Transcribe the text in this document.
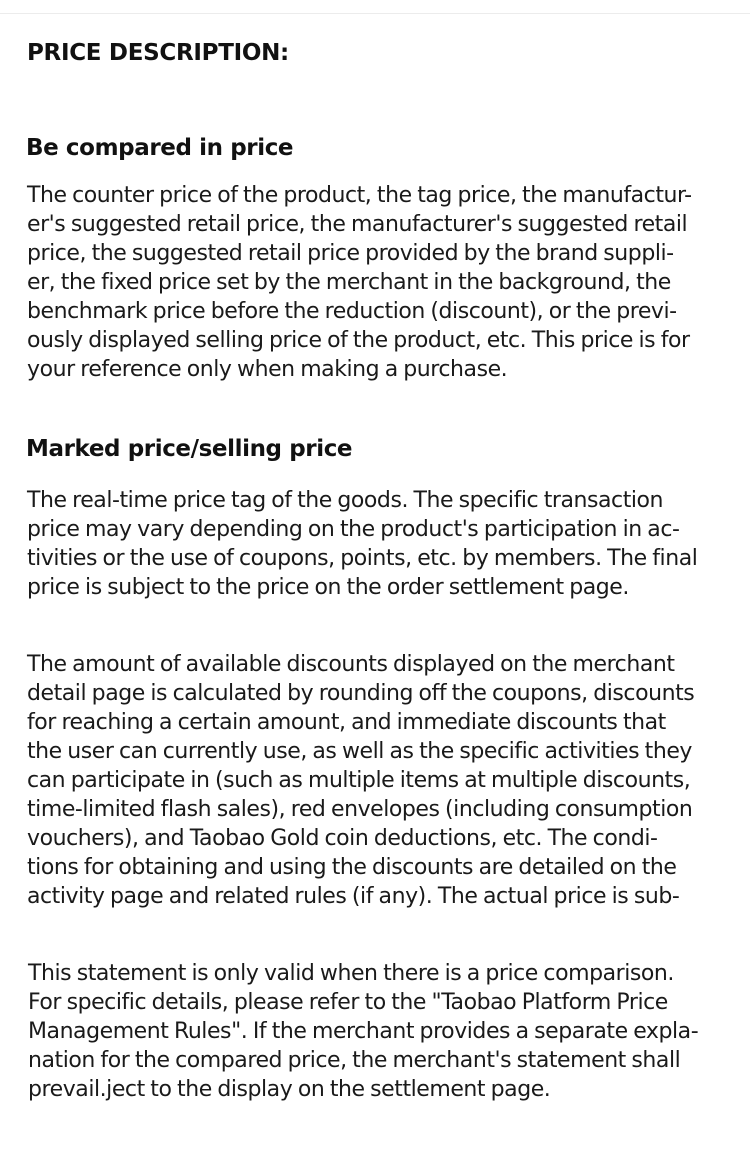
PRICE DESCRIPTION:
Be compared in price

The counter price of the product, the tag price, the manufactur-
er's suggested retail price, the manufacturer's suggested retail
price, the suggested retail price provided by the brand suppli-
er, the fixed price set by the merchant in the background, the
benchmark price before the reduction (discount), or the previ-
ously displayed selling price of the product, etc. This price is for
your reference only when making a purchase.

Marked price/selling price

The real-time price tag of the goods. The specific transaction
price may vary depending on the product's participation in ac-
tivities or the use of coupons, points, etc. by members. The final
price is subject to the price on the order settlement page.

The amount of available discounts displayed on the merchant
detail page is calculated by rounding off the coupons, discounts
for reaching a certain amount, and immediate discounts that
the user can currently use, as well as the specific activities they
can participate in (such as multiple items at multiple discounts,
time-limited flash sales), red envelopes (including consumption
vouchers), and Taobao Gold coin deductions, etc. The condi-
tions for obtaining and using the discounts are detailed on the
activity page and related rules (if any). The actual price is sub-

This statement is only valid when there is a price comparison.
For specific details, please refer to the "Taobao Platform Price
Management Rules". If the merchant provides a separate expla-
nation for the compared price, the merchant's statement shall
prevail.ject to the display on the settlement page.
